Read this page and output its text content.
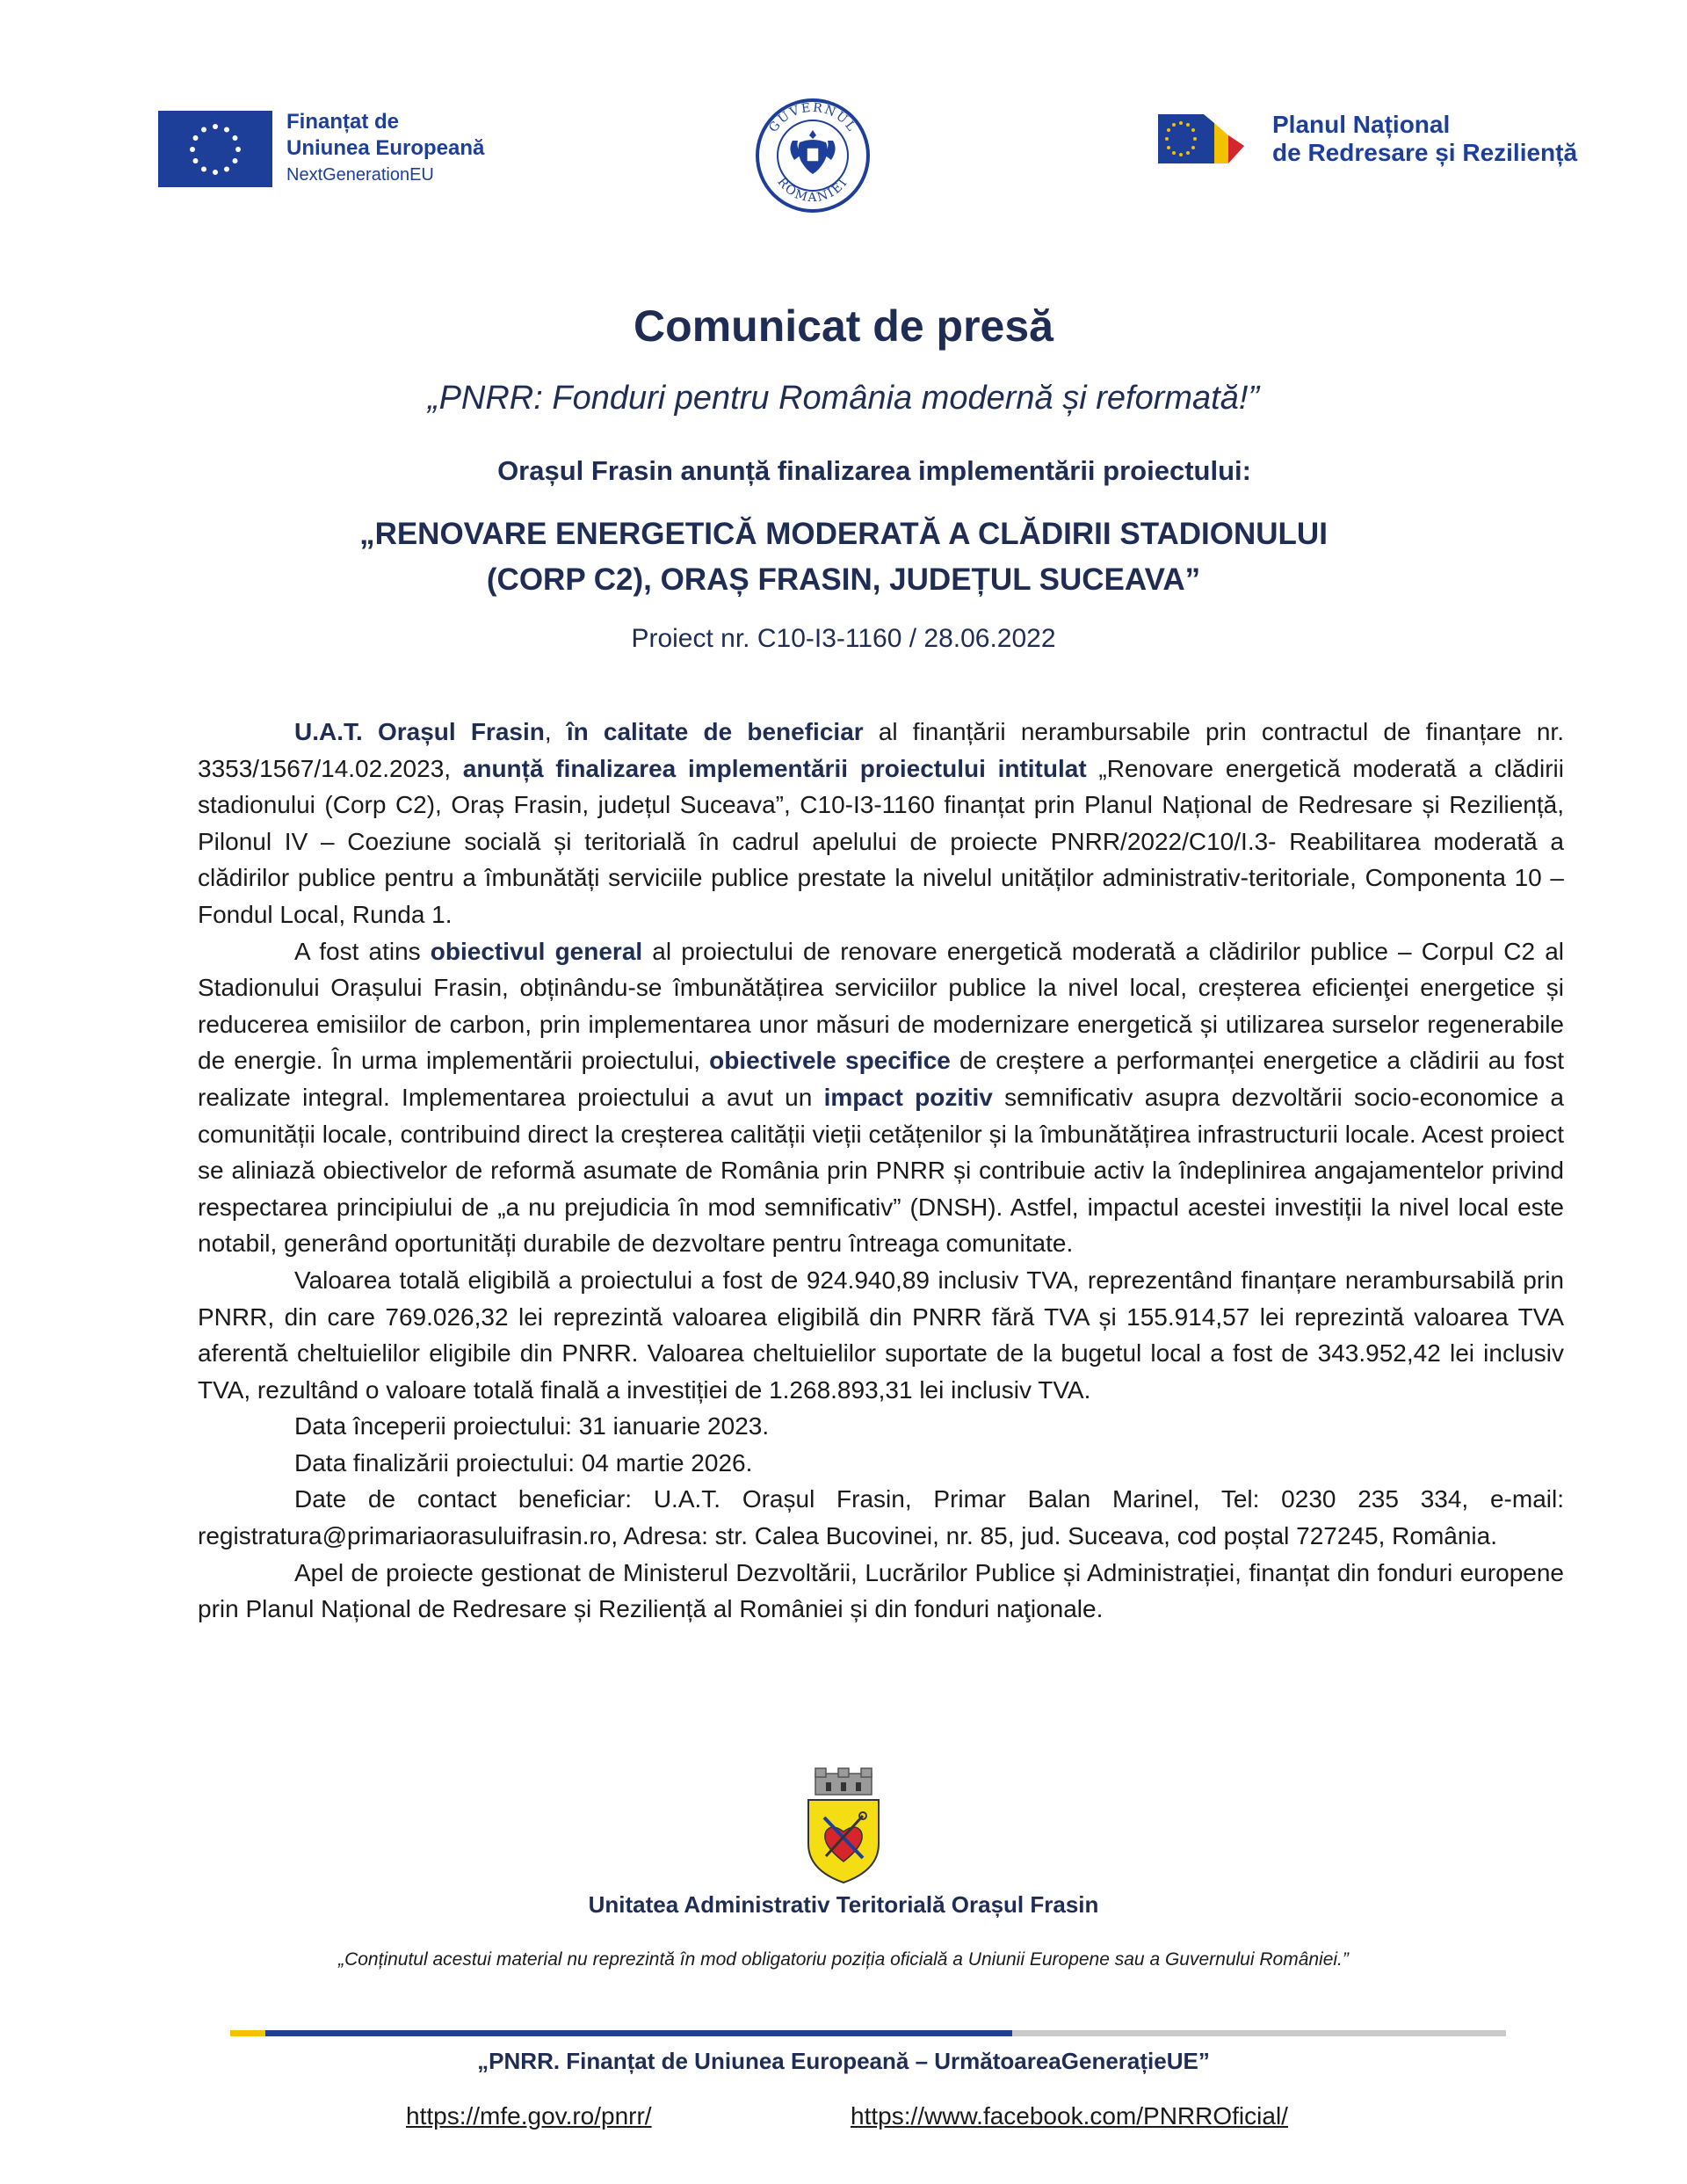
Finanțat de
Uniunea Europeană
NextGenerationEU
GUVERNUL
ROMÂNIEI
Planul Național
de Redresare și Reziliență
Comunicat de presă
„PNRR: Fonduri pentru România modernă și reformată!”
Orașul Frasin anunță finalizarea implementării proiectului:
„RENOVARE ENERGETICĂ MODERATĂ A CLĂDIRII STADIONULUI
(CORP C2), ORAȘ FRASIN, JUDEȚUL SUCEAVA”
Proiect nr. C10-I3-1160 / 28.06.2022

U.A.T. Orașul Frasin, în calitate de beneficiar al finanțării nerambursabile prin contractul de finanțare nr. 3353/1567/14.02.2023, anunță finalizarea implementării proiectului intitulat „Renovare energetică moderată a clădirii stadionului (Corp C2), Oraș Frasin, județul Suceava”, C10-I3-1160 finanțat prin Planul Național de Redresare și Reziliență, Pilonul IV – Coeziune socială și teritorială în cadrul apelului de proiecte PNRR/2022/C10/I.3- Reabilitarea moderată a clădirilor publice pentru a îmbunătăți serviciile publice prestate la nivelul unităților administrativ-teritoriale, Componenta 10 – Fondul Local, Runda 1.

A fost atins obiectivul general al proiectului de renovare energetică moderată a clădirilor publice – Corpul C2 al Stadionului Orașului Frasin, obținându-se îmbunătățirea serviciilor publice la nivel local, creșterea eficienţei energetice și reducerea emisiilor de carbon, prin implementarea unor măsuri de modernizare energetică și utilizarea surselor regenerabile de energie. În urma implementării proiectului, obiectivele specifice de creștere a performanței energetice a clădirii au fost realizate integral. Implementarea proiectului a avut un impact pozitiv semnificativ asupra dezvoltării socio-economice a comunității locale, contribuind direct la creșterea calității vieții cetățenilor și la îmbunătățirea infrastructurii locale. Acest proiect se aliniază obiectivelor de reformă asumate de România prin PNRR și contribuie activ la îndeplinirea angajamentelor privind respectarea principiului de „a nu prejudicia în mod semnificativ” (DNSH). Astfel, impactul acestei investiții la nivel local este notabil, generând oportunități durabile de dezvoltare pentru întreaga comunitate.

Valoarea totală eligibilă a proiectului a fost de 924.940,89 inclusiv TVA, reprezentând finanțare nerambursabilă prin PNRR, din care 769.026,32 lei reprezintă valoarea eligibilă din PNRR fără TVA și 155.914,57 lei reprezintă valoarea TVA aferentă cheltuielilor eligibile din PNRR. Valoarea cheltuielilor suportate de la bugetul local a fost de 343.952,42 lei inclusiv TVA, rezultând o valoare totală finală a investiției de 1.268.893,31 lei inclusiv TVA.

Data începerii proiectului: 31 ianuarie 2023.

Data finalizării proiectului: 04 martie 2026.

Date de contact beneficiar: U.A.T. Orașul Frasin, Primar Balan Marinel, Tel: 0230 235 334, e-mail: registratura@primariaorasuluifrasin.ro, Adresa: str. Calea Bucovinei, nr. 85, jud. Suceava, cod poștal 727245, România.

Apel de proiecte gestionat de Ministerul Dezvoltării, Lucrărilor Publice și Administrației, finanțat din fonduri europene prin Planul Național de Redresare și Reziliență al României și din fonduri naţionale.

Unitatea Administrativ Teritorială Orașul Frasin
„Conținutul acestui material nu reprezintă în mod obligatoriu poziția oficială a Uniunii Europene sau a Guvernului României.”
„PNRR. Finanțat de Uniunea Europeană – UrmătoareaGenerațieUE”
https://mfe.gov.ro/pnrr/	https://www.facebook.com/PNRROficial/
